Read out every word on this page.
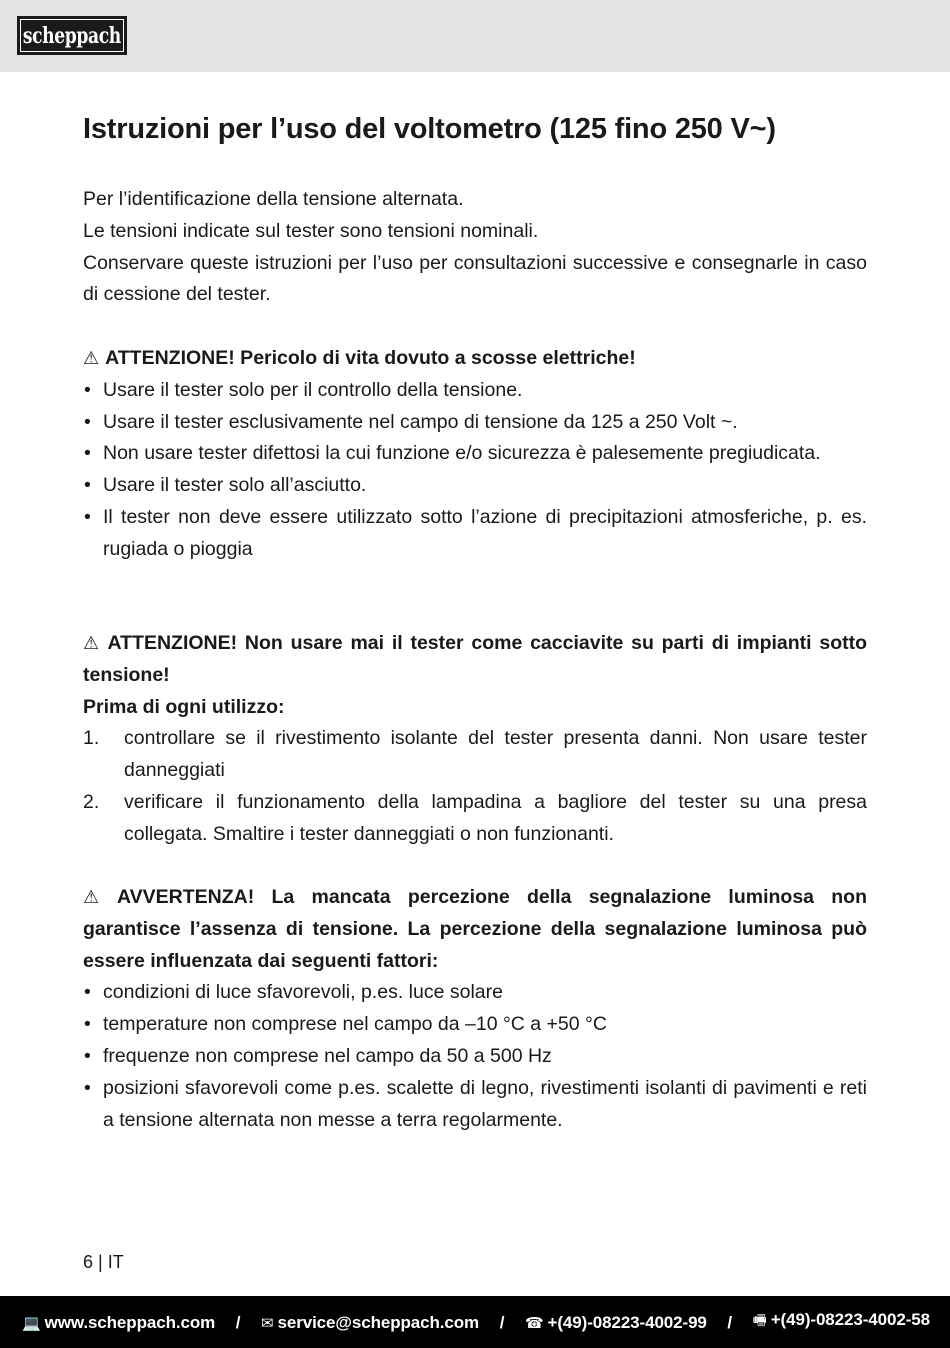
scheppach
Istruzioni per l’uso del voltometro (125 fino 250 V~)

Per l’identificazione della tensione alternata.

Le tensioni indicate sul tester sono tensioni nominali.

Conservare queste istruzioni per l’uso per consultazioni successive e consegnarle in caso di cessione del tester.

⚠ ATTENZIONE! Pericolo di vita dovuto a scosse elettriche!

• Usare il tester solo per il controllo della tensione.
• Usare il tester esclusivamente nel campo di tensione da 125 a 250 Volt ~.
• Non usare tester difettosi la cui funzione e/o sicurezza è palesemente pregiudicata.
• Usare il tester solo all’asciutto.
• Il tester non deve essere utilizzato sotto l’azione di precipitazioni atmosferiche, p. es. rugiada o pioggia

⚠ ATTENZIONE! Non usare mai il tester come cacciavite su parti di impianti sotto tensione!

Prima di ogni utilizzo:

1. controllare se il rivestimento isolante del tester presenta danni. Non usare tester danneggiati
2. verificare il funzionamento della lampadina a bagliore del tester su una presa collegata. Smaltire i tester danneggiati o non funzionanti.

⚠ AVVERTENZA! La mancata percezione della segnalazione luminosa non garantisce l’assenza di tensione. La percezione della segnalazione luminosa può essere influenzata dai seguenti fattori:

• condizioni di luce sfavorevoli, p.es. luce solare
• temperature non comprese nel campo da –10 °C a +50 °C
• frequenze non comprese nel campo da 50 a 500 Hz
• posizioni sfavorevoli come p.es. scalette di legno, rivestimenti isolanti di pavimenti e reti a tensione alternata non messe a terra regolarmente.
6 | IT
💻 www.scheppach.com / ✉ service@scheppach.com / ☎ +(49)-08223-4002-99 / 🖷 +(49)-08223-4002-58
